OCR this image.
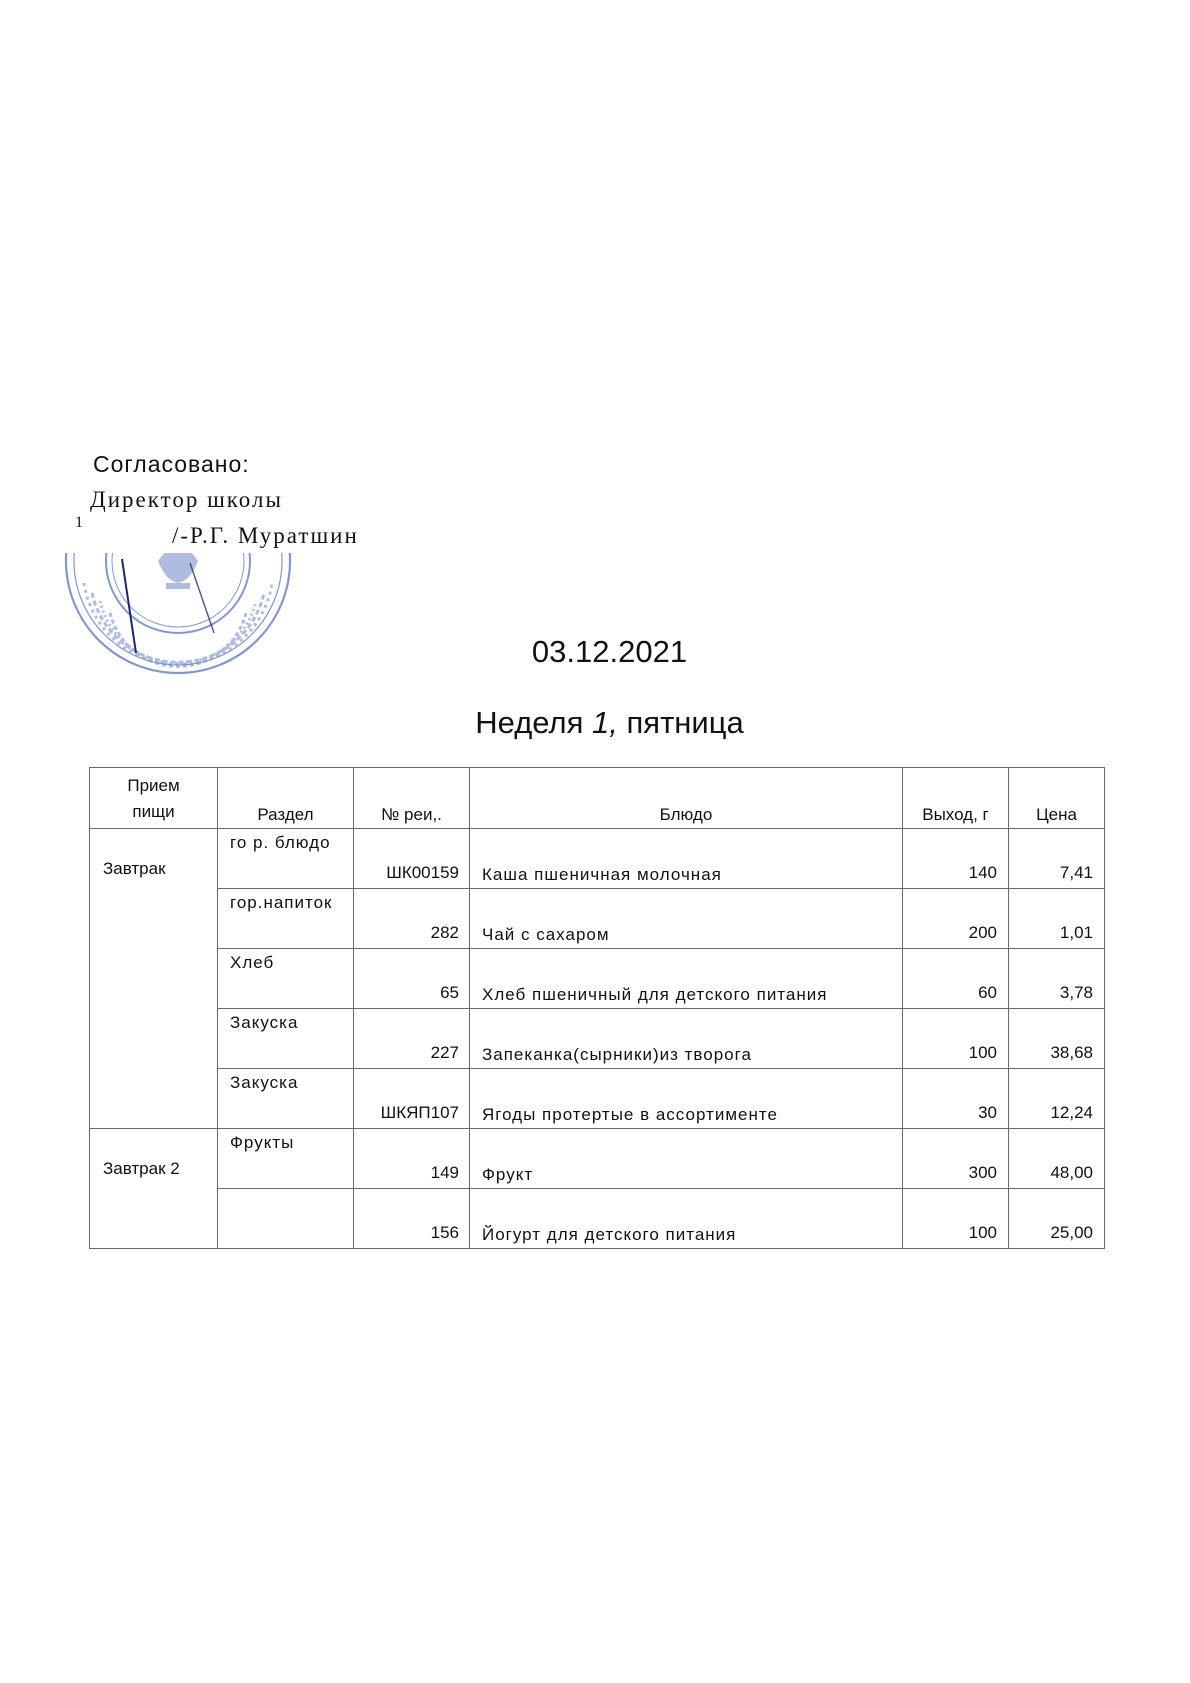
Согласовано:
Директор школы
1
/-Р.Г. Муратшин
03.12.2021
Неделя 1, пятница
Прием пищи	Раздел	№ реи,.	Блюдо	Выход, г	Цена
Завтрак	го р. блюдо	ШК00159	Каша пшеничная молочная	140	7,41
	гор.напиток	282	Чай с сахаром	200	1,01
	Хлеб	65	Хлеб пшеничный для детского питания	60	3,78
	Закуска	227	Запеканка(сырники)из творога	100	38,68
	Закуска	ШКЯП107	Ягоды протертые в ассортименте	30	12,24
Завтрак 2	Фрукты	149	Фрукт	300	48,00
		156	Йогурт для детского питания	100	25,00
